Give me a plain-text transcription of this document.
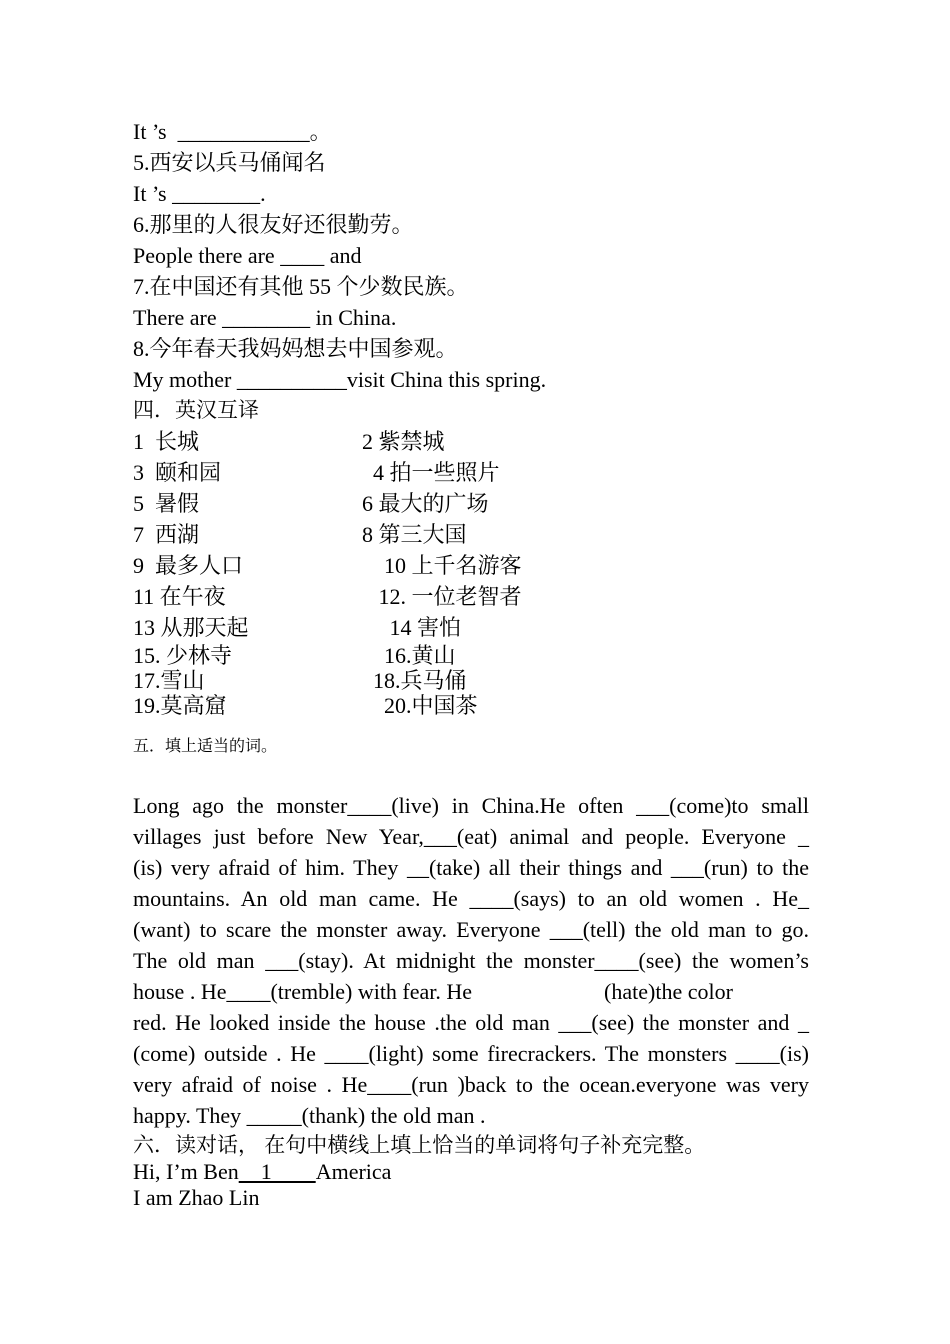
It ’s  ____________。
5.西安以兵马俑闻名
It ’s ________.
6.那里的人很友好还很勤劳。
People there are ____ and
7.在中国还有其他 55 个少数民族。
There are ________ in China.
8.今年春天我妈妈想去中国参观。
My mother __________visit China this spring.
四．英汉互译
1  长城	2 紫禁城
3  颐和园	4 拍一些照片
5  暑假	6 最大的广场
7  西湖	8 第三大国
9  最多人口	10 上千名游客
11 在午夜	12. 一位老智者
13 从那天起	14 害怕
15. 少林寺	16.黄山
17.雪山	18.兵马俑
19.莫高窟	20.中国茶
五．填上适当的词。
Long ago the monster____(live) in China.He often ___(come)to small
villages just before New Year,___(eat) animal and people. Everyone _
(is) very afraid of him. They __(take) all their things and ___(run) to the
mountains. An old man came. He ____(says) to an old women . He_
(want) to scare the monster away. Everyone ___(tell) the old man to go.
The old man ___(stay). At midnight the monster____(see) the women’s
house . He____(tremble) with fear. He                        (hate)the color
red. He looked inside the house .the old man ___(see) the monster and _
(come) outside . He ____(light) some firecrackers. The monsters ____(is)
very afraid of noise . He____(run )back to the ocean.everyone was very
happy. They _____(thank) the old man .
六．读对话， 在句中横线上填上恰当的单词将句子补充完整。
Hi, I’m Ben    1        America
I am Zhao Lin
